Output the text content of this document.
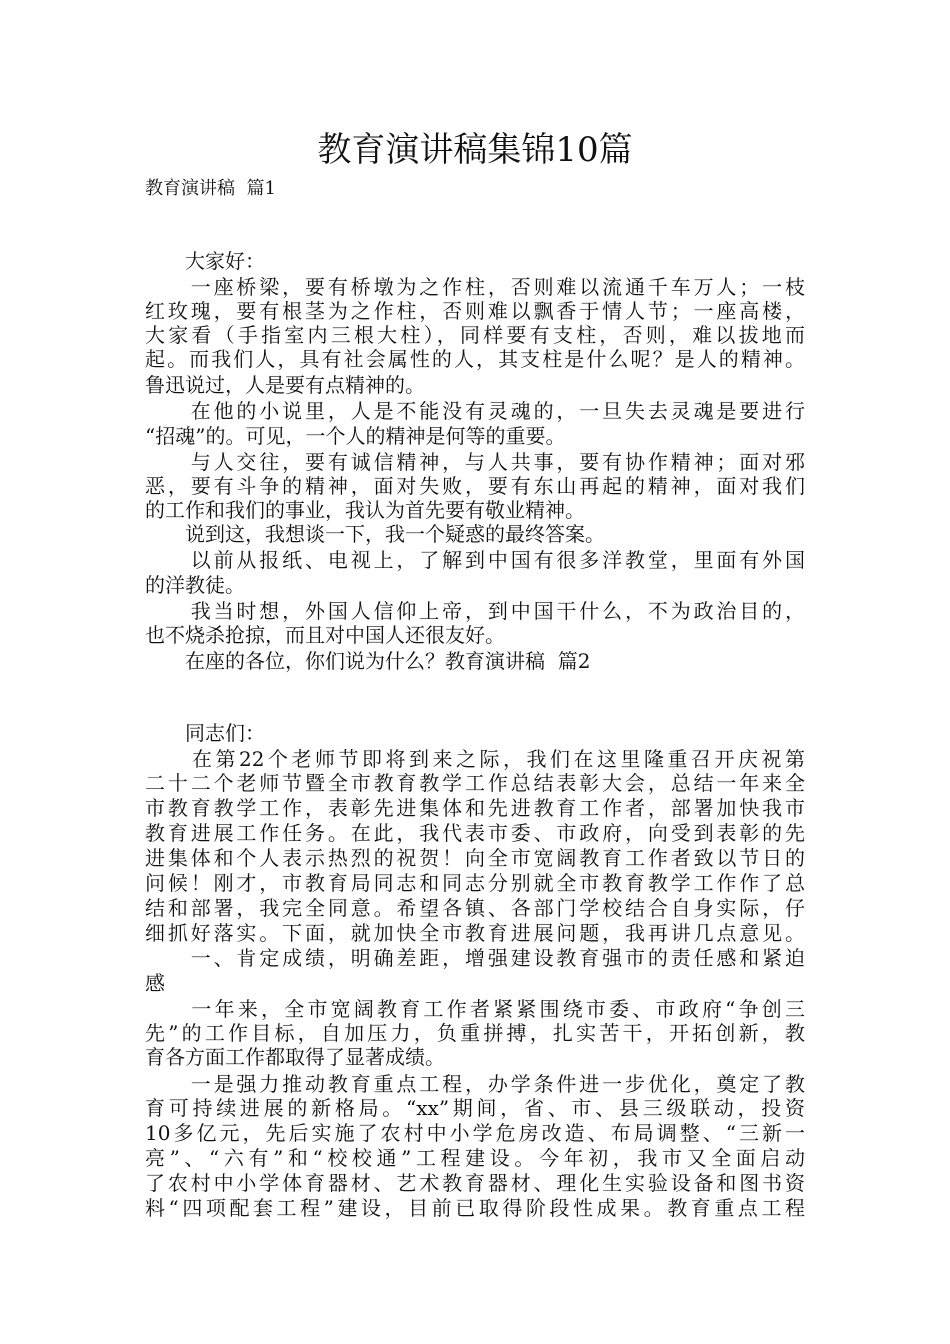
教育演讲稿集锦10篇
教育演讲稿  篇1
　　大家好：
　　一座桥梁，要有桥墩为之作柱，否则难以流通千车万人；一枝
红玫瑰，要有根茎为之作柱，否则难以飘香于情人节；一座高楼，
大家看（手指室内三根大柱），同样要有支柱，否则，难以拔地而
起。而我们人，具有社会属性的人，其支柱是什么呢？是人的精神。
鲁迅说过，人是要有点精神的。
　　在他的小说里，人是不能没有灵魂的，一旦失去灵魂是要进行
“招魂”的。可见，一个人的精神是何等的重要。
　　与人交往，要有诚信精神，与人共事，要有协作精神；面对邪
恶，要有斗争的精神，面对失败，要有东山再起的精神，面对我们
的工作和我们的事业，我认为首先要有敬业精神。
　　说到这，我想谈一下，我一个疑惑的最终答案。
　　以前从报纸、电视上，了解到中国有很多洋教堂，里面有外国
的洋教徒。
　　我当时想，外国人信仰上帝，到中国干什么，不为政治目的，
也不烧杀抢掠，而且对中国人还很友好。
　　在座的各位，你们说为什么？教育演讲稿  篇2
　　同志们：
　　在第22个老师节即将到来之际，我们在这里隆重召开庆祝第
二十二个老师节暨全市教育教学工作总结表彰大会，总结一年来全
市教育教学工作，表彰先进集体和先进教育工作者，部署加快我市
教育进展工作任务。在此，我代表市委、市政府，向受到表彰的先
进集体和个人表示热烈的祝贺！向全市宽阔教育工作者致以节日的
问候！刚才，市教育局同志和同志分别就全市教育教学工作作了总
结和部署，我完全同意。希望各镇、各部门学校结合自身实际，仔
细抓好落实。下面，就加快全市教育进展问题，我再讲几点意见。
　　一、肯定成绩，明确差距，增强建设教育强市的责任感和紧迫
感
　　一年来，全市宽阔教育工作者紧紧围绕市委、市政府“争创三
先”的工作目标，自加压力，负重拼搏，扎实苦干，开拓创新，教
育各方面工作都取得了显著成绩。
　　一是强力推动教育重点工程，办学条件进一步优化，奠定了教
育可持续进展的新格局。“xx”期间，省、市、县三级联动，投资
10多亿元，先后实施了农村中小学危房改造、布局调整、“三新一
亮”、“六有”和“校校通”工程建设。今年初，我市又全面启动
了农村中小学体育器材、艺术教育器材、理化生实验设备和图书资
料“四项配套工程”建设，目前已取得阶段性成果。教育重点工程
